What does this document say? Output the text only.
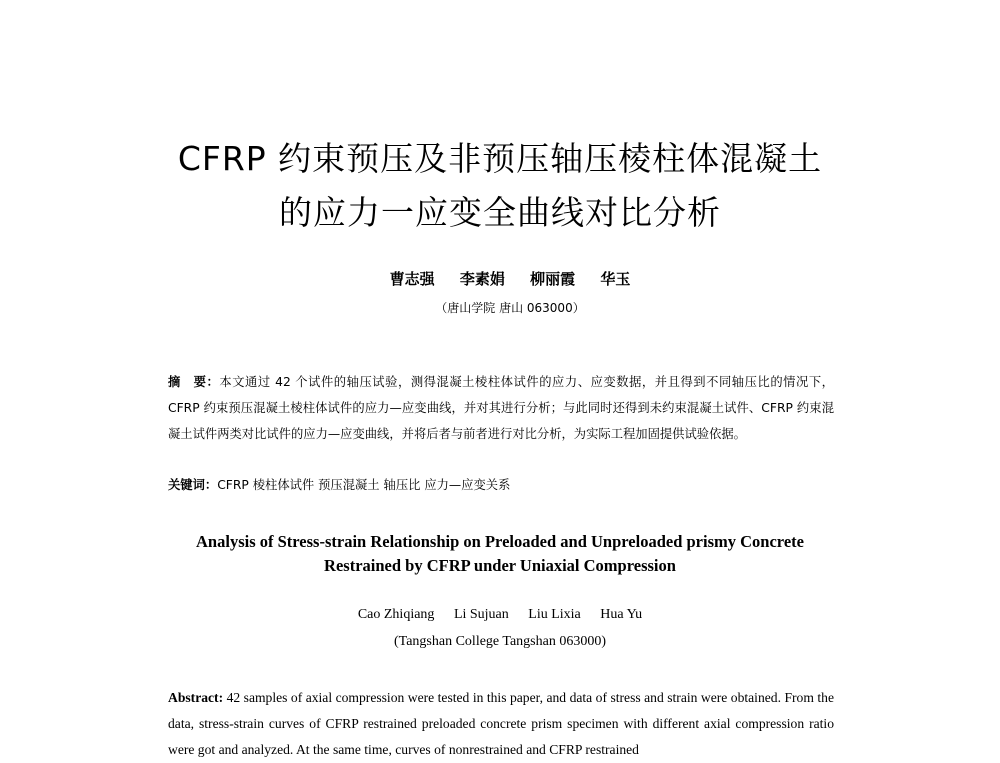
CFRP 约束预压及非预压轴压棱柱体混凝土
的应力一应变全曲线对比分析
曹志强 李素娟 柳丽霞 华玉
（唐山学院 唐山 063000）

摘　要：本文通过 42 个试件的轴压试验，测得混凝土棱柱体试件的应力、应变数据，并且得到不同轴压比的情况下，CFRP 约束预压混凝土棱柱体试件的应力—应变曲线，并对其进行分析；与此同时还得到未约束混凝土试件、CFRP 约束混凝土试件两类对比试件的应力—应变曲线，并将后者与前者进行对比分析，为实际工程加固提供试验依据。

关键词：CFRP 棱柱体试件 预压混凝土 轴压比 应力—应变关系

Analysis of Stress-strain Relationship on Preloaded and Unpreloaded prismy Concrete
Restrained by CFRP under Uniaxial Compression
Cao Zhiqiang Li Sujuan Liu Lixia Hua Yu
(Tangshan College Tangshan 063000)

Abstract: 42 samples of axial compression were tested in this paper, and data of stress and strain were obtained. From the data, stress-strain curves of CFRP restrained preloaded concrete prism specimen with different axial compression ratio were got and analyzed. At the same time, curves of nonrestrained and CFRP restrained
